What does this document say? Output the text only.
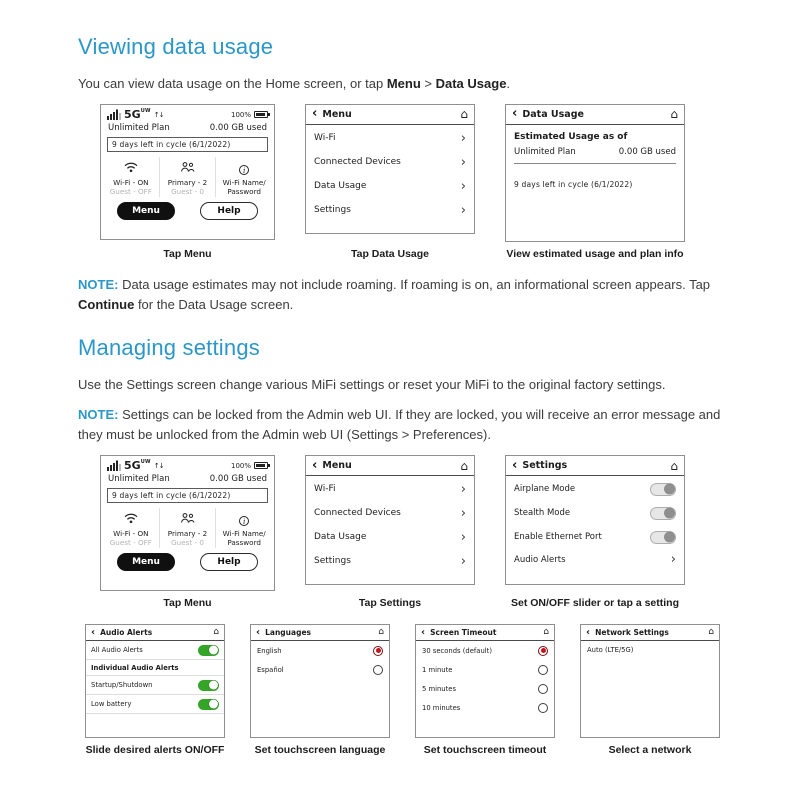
Viewing data usage

You can view data usage on the Home screen, or tap Menu > Data Usage.

$5G^{UW}$ ↑↓	100%
Unlimited Plan	0.00 GB used
9 days left in cycle (6/1/2022)
Wi-Fi - ON
Guest - OFF
Primary - 2
Guest - 0
i
Wi-Fi Name/
Password
Menu	Help
‹ Menu	⌂
Wi-Fi	›
Connected Devices	›
Data Usage	›
Settings	›
‹ Data Usage	⌂
Estimated Usage as of
Unlimited Plan	0.00 GB used
9 days left in cycle (6/1/2022)
Tap Menu	Tap Data Usage	View estimated usage and plan info

NOTE: Data usage estimates may not include roaming. If roaming is on, an informational screen appears. Tap Continue for the Data Usage screen.

Managing settings

Use the Settings screen change various MiFi settings or reset your MiFi to the original factory settings.

NOTE: Settings can be locked from the Admin web UI. If they are locked, you will receive an error message and they must be unlocked from the Admin web UI (Settings > Preferences).

$5G^{UW}$ ↑↓	100%
Unlimited Plan	0.00 GB used
9 days left in cycle (6/1/2022)
Wi-Fi - ON
Guest - OFF
Primary - 2
Guest - 0
i
Wi-Fi Name/
Password
Menu	Help
‹ Menu	⌂
Wi-Fi	›
Connected Devices	›
Data Usage	›
Settings	›
‹ Settings	⌂
Airplane Mode
Stealth Mode
Enable Ethernet Port
Audio Alerts	›
Tap Menu	Tap Settings	Set ON/OFF slider or tap a setting
‹ Audio Alerts	⌂
All Audio Alerts
Individual Audio Alerts
Startup/Shutdown
Low battery
‹ Languages	⌂
English
Español
‹ Screen Timeout	⌂
30 seconds (default)
1 minute
5 minutes
10 minutes
‹ Network Settings	⌂
Auto (LTE/5G)
Slide desired alerts ON/OFF	Set touchscreen language	Set touchscreen timeout	Select a network
